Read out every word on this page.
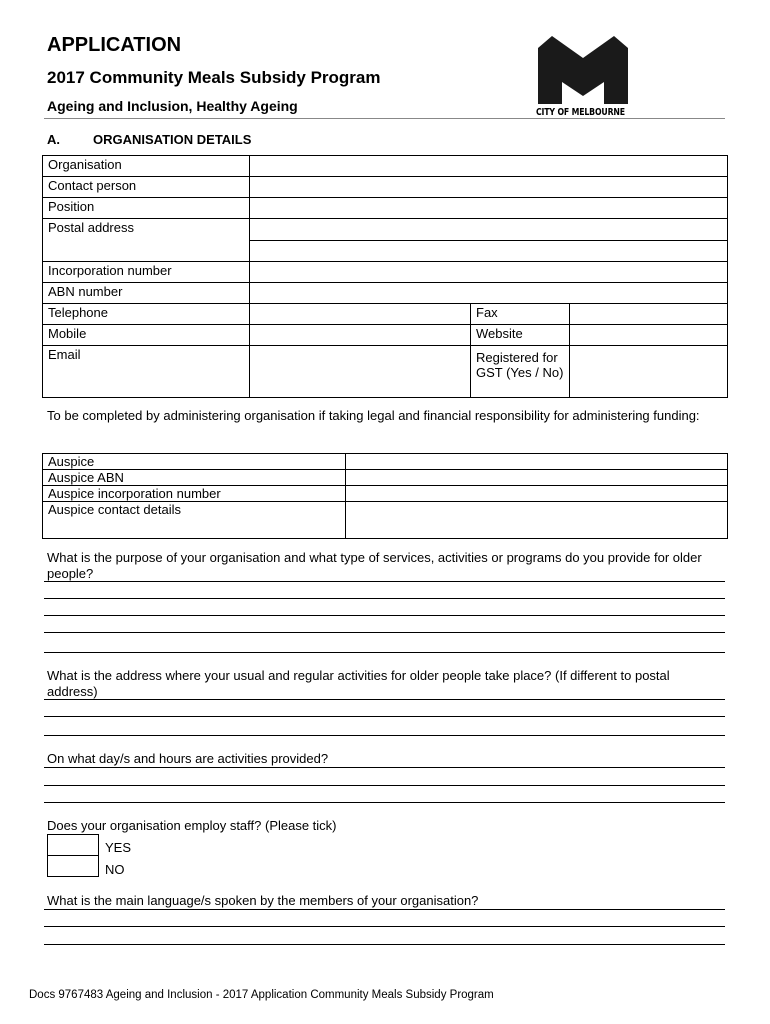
APPLICATION
2017 Community Meals Subsidy Program
Ageing and Inclusion, Healthy Ageing	CITY OF MELBOURNE
A.	ORGANISATION DETAILS
Organisation
Contact person
Position
Postal address
Incorporation number
ABN number
Telephone	Fax
Mobile	Website
Email	Registered for GST (Yes / No)
To be completed by administering organisation if taking legal and financial responsibility for administering funding:
Auspice
Auspice ABN
Auspice incorporation number
Auspice contact details
What is the purpose of your organisation and what type of services, activities or programs do you provide for older people?
What is the address where your usual and regular activities for older people take place? (If different to postal address)
On what day/s and hours are activities provided?
Does your organisation employ staff? (Please tick)
YES
NO
What is the main language/s spoken by the members of your organisation?
Docs 9767483 Ageing and Inclusion - 2017 Application Community Meals Subsidy Program
